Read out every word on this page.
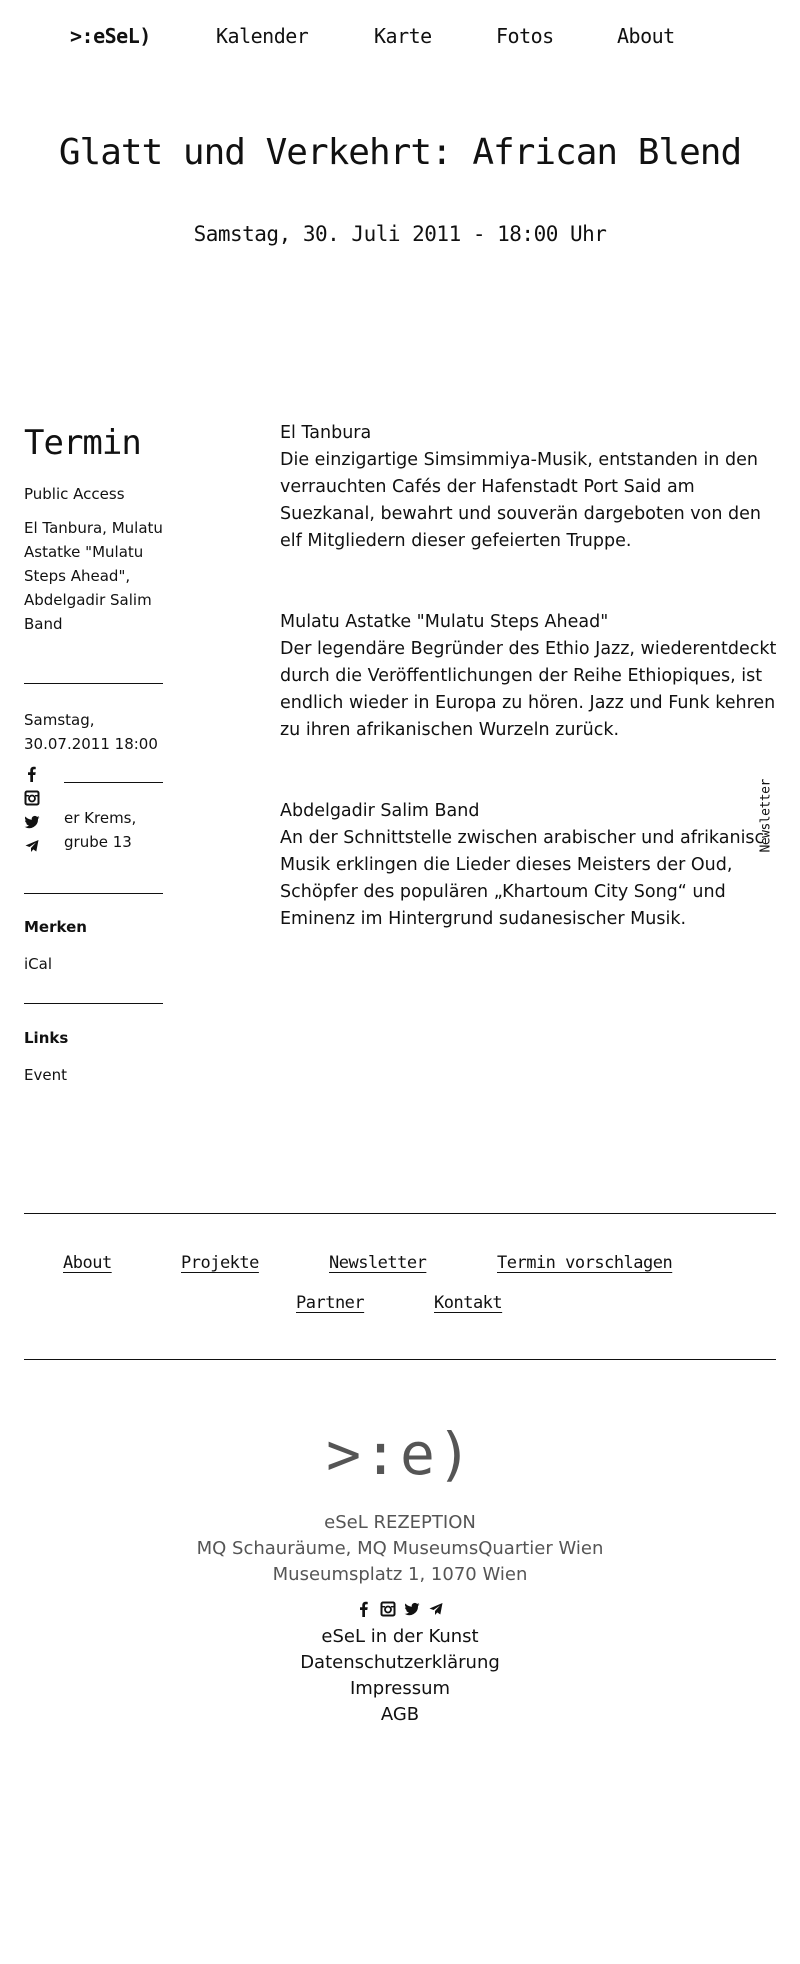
>:eSeL)	Kalender	Karte	Fotos	About
Glatt und Verkehrt: African Blend
Samstag, 30. Juli 2011 - 18:00 Uhr
Termin
Public Access
El Tanbura, Mulatu Astatke "Mulatu Steps Ahead", Abdelgadir Salim Band
Samstag, 30.07.2011 18:00
er Krems,
grube 13
Merken
iCal
Links
Event
El Tanbura
Die einzigartige Simsimmiya-Musik, entstanden in den verrauchten Cafés der Hafenstadt Port Said am Suezkanal, bewahrt und souverän dargeboten von den elf Mitgliedern dieser gefeierten Truppe.
Mulatu Astatke "Mulatu Steps Ahead"
Der legendäre Begründer des Ethio Jazz, wiederentdeckt durch die Veröffentlichungen der Reihe Ethiopiques, ist endlich wieder in Europa zu hören. Jazz und Funk kehren zu ihren afrikanischen Wurzeln zurück.
Abdelgadir Salim Band
An der Schnittstelle zwischen arabischer und afrikanisc Musik erklingen die Lieder dieses Meisters der Oud, Schöpfer des populären „Khartoum City Song“ und Eminenz im Hintergrund sudanesischer Musik.
Newsletter
About	Projekte	Newsletter	Termin vorschlagen
Partner	Kontakt
>:e)
eSeL REZEPTION
MQ Schauräume, MQ MuseumsQuartier Wien
Museumsplatz 1, 1070 Wien
eSeL in der Kunst
Datenschutzerklärung
Impressum
AGB
